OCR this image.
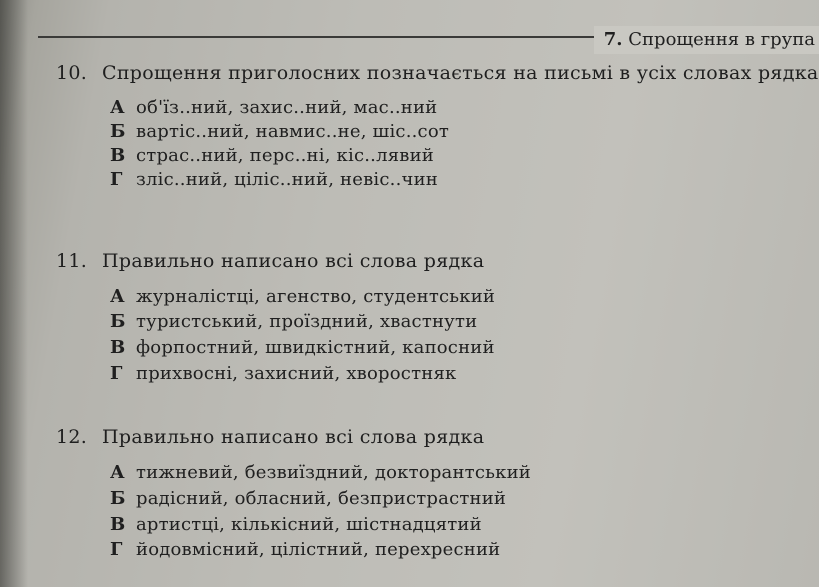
7. Спрощення в група
10. Спрощення приголосних позначається на письмі в усіх словах рядка
А об'їз..ний, захис..ний, мас..ний
Б вартіс..ний, навмис..не, шіс..сот
В страс..ний, перс..ні, кіс..лявий
Г зліс..ний, цiлiс..ний, невiс..чин
11. Правильно написано всі слова рядка
А журналістці, агенство, студентський
Б туристський, проїздний, хвастнути
В форпостний, швидкістний, капосний
Г прихвосні, захисний, хворостняк
12. Правильно написано всі слова рядка
А тижневий, безвиїздний, докторантський
Б радісний, обласний, безпристрастний
В артистці, кількісний, шістнадцятий
Г йодовмісний, цiлiстний, перехресний
